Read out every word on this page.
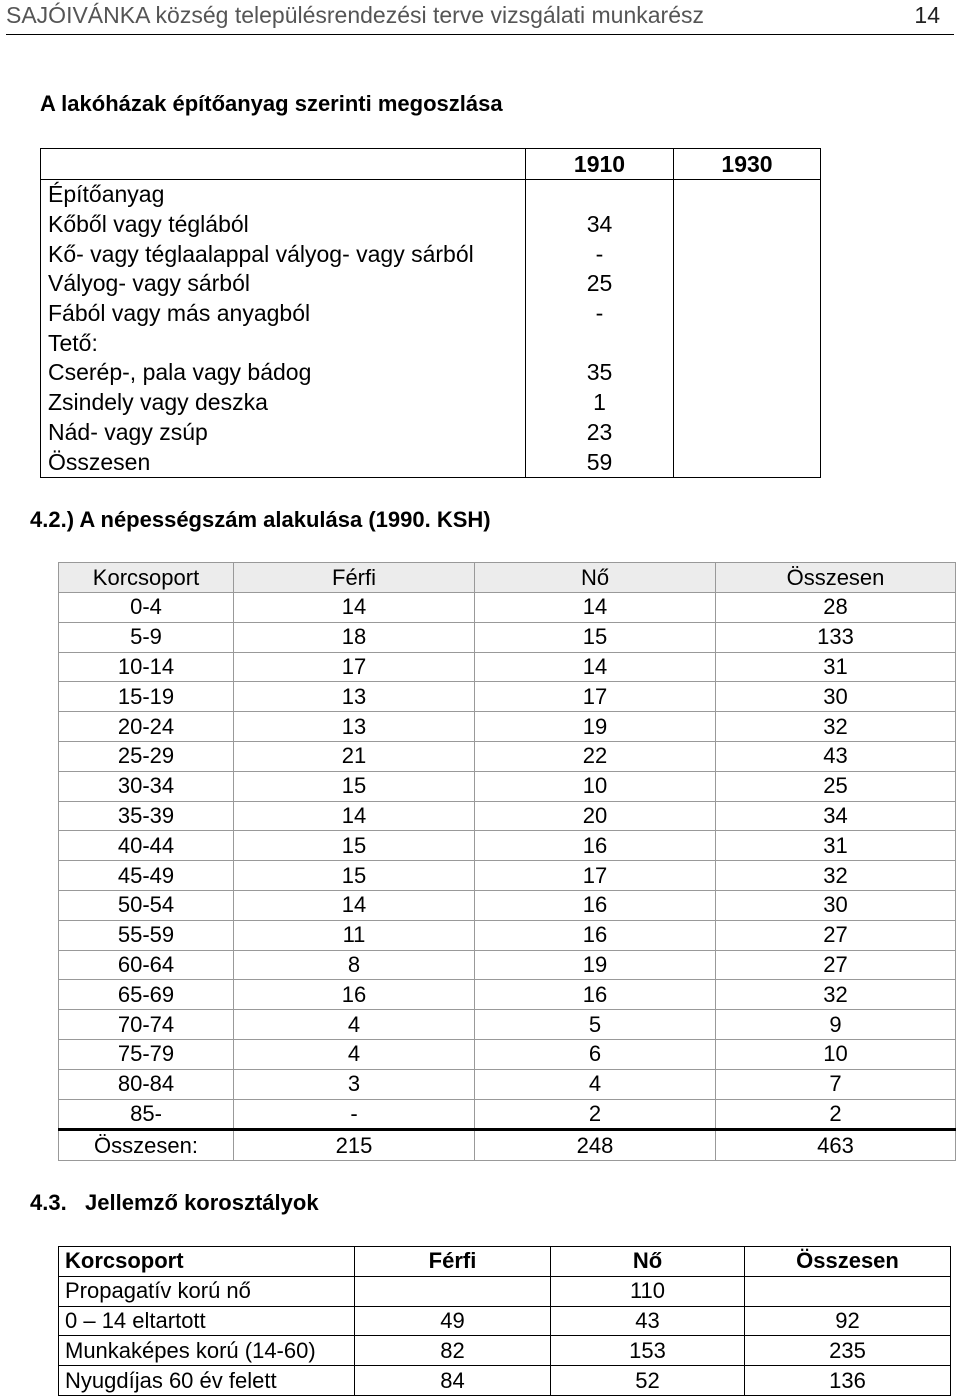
SAJÓIVÁNKA község településrendezési terve vizsgálati munkarész	14
A lakóházak építőanyag szerinti megoszlása
	1910	1930
Építőanyag		
Kőből vagy téglából	34	
Kő- vagy téglaalappal vályog- vagy sárból	-	
Vályog- vagy sárból	25	
Fából vagy más anyagból	-	
Tető:		
Cserép-, pala vagy bádog	35	
Zsindely vagy deszka	1	
Nád- vagy zsúp	23	
Összesen	59	
4.2.) A népességszám alakulása (1990. KSH)
Korcsoport	Férfi	Nő	Összesen
0-4	14	14	28
5-9	18	15	133
10-14	17	14	31
15-19	13	17	30
20-24	13	19	32
25-29	21	22	43
30-34	15	10	25
35-39	14	20	34
40-44	15	16	31
45-49	15	17	32
50-54	14	16	30
55-59	11	16	27
60-64	8	19	27
65-69	16	16	32
70-74	4	5	9
75-79	4	6	10
80-84	3	4	7
85-	-	2	2
Összesen:	215	248	463
4.3.   Jellemző korosztályok
Korcsoport	Férfi	Nő	Összesen
Propagatív korú nő		110	
0 – 14 eltartott	49	43	92
Munkaképes korú (14-60)	82	153	235
Nyugdíjas 60 év felett	84	52	136
